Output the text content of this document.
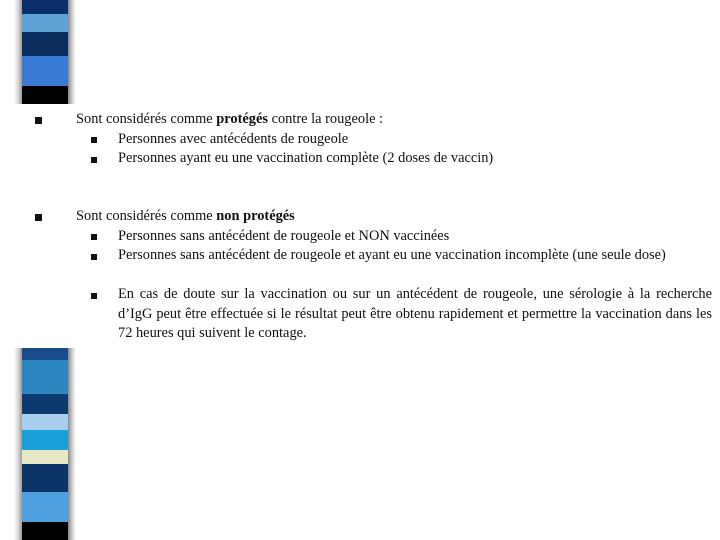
Sont considérés comme protégés contre la rougeole :
Personnes avec antécédents de rougeole
Personnes ayant eu une vaccination complète (2 doses de vaccin)
Sont considérés comme non protégés
Personnes sans antécédent de rougeole et NON vaccinées
Personnes sans antécédent de rougeole et ayant eu une vaccination incomplète (une seule dose)
En cas de doute sur la vaccination ou sur un antécédent de rougeole, une sérologie à la recherche d’IgG peut être effectuée si le résultat peut être obtenu rapidement et permettre la vaccination dans les 72 heures qui suivent le contage.
